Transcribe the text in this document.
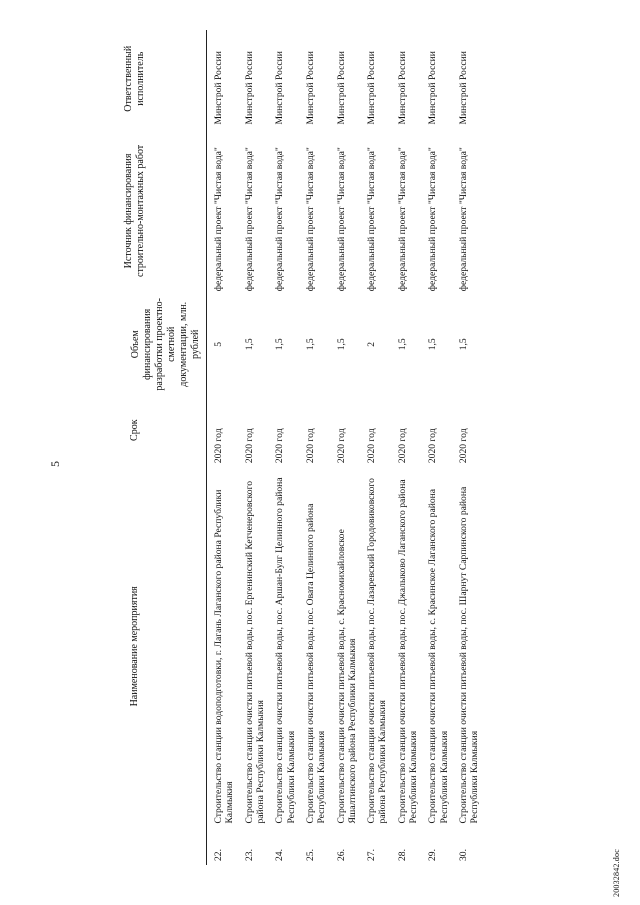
5
	Наименование мероприятия	Срок	Объем финансирования разработки проектно-сметной документации, млн. рублей	Источник финансирования строительно-монтажных работ	Ответственный исполнитель
22.	Строительство станции водоподготовки, г. Лагань Лаганского района Республики Калмыкия	2020 год	5	федеральный проект "Чистая вода"	Минстрой России
23.	Строительство станции очистки питьевой воды, пос. Ергенинский Кетченеровского района Республики Калмыкия	2020 год	1,5	федеральный проект "Чистая вода"	Минстрой России
24.	Строительство станции очистки питьевой воды, пос. Аршан-Булг Целинного района Республики Калмыкия	2020 год	1,5	федеральный проект "Чистая вода"	Минстрой России
25.	Строительство станции очистки питьевой воды, пос. Овата Целинного района Республики Калмыкия	2020 год	1,5	федеральный проект "Чистая вода"	Минстрой России
26.	Строительство станции очистки питьевой воды, с. Красномихайловское Яшалтинского района Республики Калмыкия	2020 год	1,5	федеральный проект "Чистая вода"	Минстрой России
27.	Строительство станции очистки питьевой воды, пос. Лазаревский Городовиковского района Республики Калмыкия	2020 год	2	федеральный проект "Чистая вода"	Минстрой России
28.	Строительство станции очистки питьевой воды, пос. Джалыково Лаганского района Республики Калмыкия	2020 год	1,5	федеральный проект "Чистая вода"	Минстрой России
29.	Строительство станции очистки питьевой воды, с. Красинское Лаганского района Республики Калмыкия	2020 год	1,5	федеральный проект "Чистая вода"	Минстрой России
30.	Строительство станции очистки питьевой воды, пос. Шарнут Сарпинского района Республики Калмыкия	2020 год	1,5	федеральный проект "Чистая вода"	Минстрой России
20032842.doc
